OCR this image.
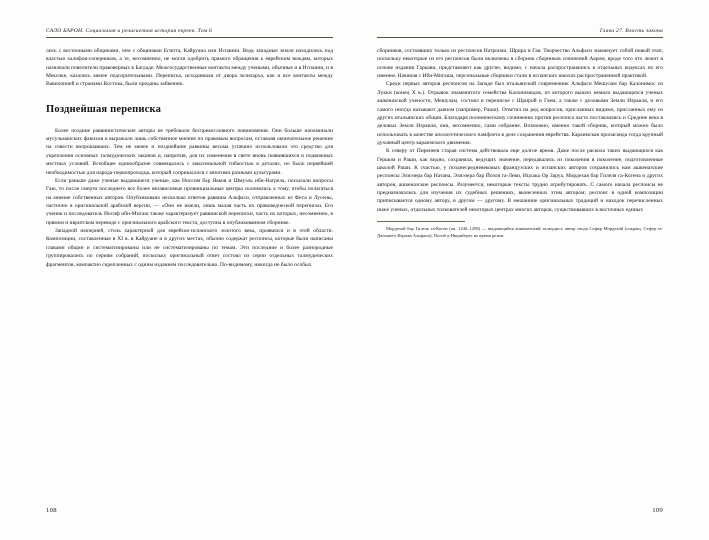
САЛО БАРОН. Социальная и религиозная история евреев. Том 6

лись с восточными общинами, чем с общинами Египта, Кайруана или Испании. Ведь западные земли находились под властью халифов-соперников, а те, несомненно, не могли одобрить прямого обращения к еврейским вождям, которых назначали повелители правоверных в Багдаде. Межгосударственные контакты между учеными, обычные и в Испании, и в Мексике, казались менее подозрительными. Переписка, исходившая от двора экзиларха, как и все контакты между Вавилонией и странами Востока, были преданы забвению.

Позднейшая переписка

Более поздние раввинистические авторы не требовали беспрекословного повиновения. Они больше напоминали мусульманских факихов и выражали лишь собственное мнение по правовым вопросам, оставляя окончательное решение на совести вопрошавших. Тем не менее и позднейшие раввины весьма успешно использовали это средство для укрепления основных талмудических законов и, напротив, для их изменения в свете вновь появившихся и подвижных местных условий. Всеобщее единообразие совмещалось с максимальной гибкостью в деталях, но было первейшей необходимостью для народа-первопроходца, который соприкасался с многими разными культурами.

Если раньше даже ученые выдавшиеся ученые, как Ниссим бар Яаков и Шмуэль ибн-Нагрела, посылали вопросы Гаю, то после смерти последнего все более независимые провинциальные центры склонялись к тому, чтобы полагаться на мнение собственных авторов. Опубликовано несколько ответов раввина Альфаси, отправленных из Феса и Лусены, частично в оригинальной арабской версии, — «Они не имели, лишь малая часть их правоведческой переписки. Его ученик и последователь Иосиф ибн-Мигаш также характеризует раввинской переписки, часть их которых, несомненно, в прямом и ивритском переводе с оригинального арабского текста, доступна в опубликованном сборнике.

Западной империей, столь характерной для еврейско-испанского золотого века, проявился и в этой области. Композиции, составленные в XI в. в Кайруане и в других местах, обычно содержат респонсы, которые были написаны главами общин и систематизированы или не систематизированы по темам. Эти последние и более разнородные группировались по сериям собраний, поскольку оригинальный ответ состоял из серии отдельных талмудических фрагментов, компактно скрепленных с одним изданием последовательно. По-видимому, никогда не было особых

108
Глава 27. Власть закона

сборников, состоявших только из респонсов Натронаи, Шрира и Гая. Творчество Альфаси знаменует собой новый этап, поскольку некоторые из его респонсов были включены в сборник сборников сочинений Ааром, вроде того что лежит в основе издания Гаркави, представляют как другие, видимо, с начала распространялись в отдельных кодексах по его именем. Начиная с Ибн-Мигаша, персональные сборники стали в испанских школах распространенной практикой.

Среди первых авторов респонсов на Западе был итальянский современник Альфаси Мешулам бар Калонимос из Лукки (конец X в.). Отрывок знаменитого семейства Калонимидов, из которого вышло немало выдающихся ученых ашкеназской учености, Мешулам, состоял в переписке с Шрирой и Гаем, а также с деловыми Земли Израиля, и его самого иногда называют даяном (например, Раши). Ответил на ряд вопросов, присланных видимо, присланных ему из других итальянских общин. Благодаря полемическому сочинению против респонса часто поставлялись и Средние века в деловых Земли Израиля, они, несомненно, сами собрание. Возможно, именно такой сборник, который можно было использовать в качестве апологетического памфлета в деле сохранения еврейства. Караимская пропаганда тогда крупный духовный центр караимского движения.

К северу от Пиренеев старая система действовала еще долгое время. Даже после раскола таких выдающихся как Гершом и Раши, как видно, сохраняла, ведущих значение, передавались из поколения в поколение, подготовленные школой Раши. К счастью, у позднесредневековых французских и испанских авторов сохранились нам ашкеназские респонсы Элиэзера бар Натана, Элиэзера бар Йоэля га-Леви, Ицхака Ор Заруа, Мордехая бар Гилеля га-Когена и других авторов, ашкеназские респонсы. Разумеется, некоторые тексты трудно атрибутировать. С самого начала респонсы не предназначались для изучения их судебных решениях, вынесенных этим автором; респонс в одной композиции приписывается одному автору, в другом — другому. В мешанине оригинальных традиций и находок перечисленных ниже ученых, отдельных толкователей некоторых центрах многих авторов, существовавших в восточных единых

Мордехай бар Гилель га-Коген (ок. 1240–1298) — выдающийся ашкеназский талмудист, автор свода Сефер Мордехай (сокращ. Сефер га-Дальшего Ицхака Альфаси). Погиб в Нюрнберге во время резни.
109
